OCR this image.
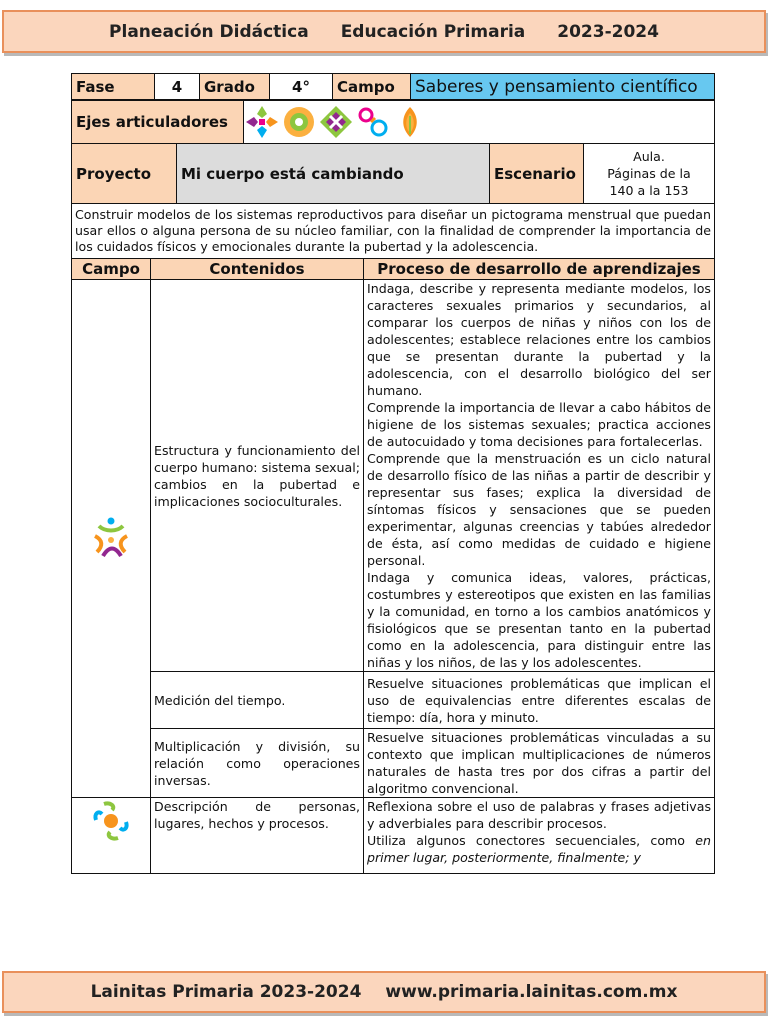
Planeación Didáctica Educación Primaria 2023-2024
Fase	4	Grado	4°	Campo	Saberes y pensamiento científico
Ejes articuladores	
Proyecto	Mi cuerpo está cambiando	Escenario	
Aula.
Páginas de la
140 a la 153
Construir modelos de los sistemas reproductivos para diseñar un pictograma menstrual que puedan usar ellos o alguna persona de su núcleo familiar, con la finalidad de comprender la importancia de los cuidados físicos y emocionales durante la pubertad y la adolescencia.
Campo	Contenidos	Proceso de desarrollo de aprendizajes

	Estructura y funcionamiento del cuerpo humano: sistema sexual; cambios en la pubertad e implicaciones socioculturales.	Indaga, describe y representa mediante modelos, los caracteres sexuales primarios y secundarios, al comparar los cuerpos de niñas y niños con los de adolescentes; establece relaciones entre los cambios que se presentan durante la pubertad y la adolescencia, con el desarrollo biológico del ser humano.
Comprende la importancia de llevar a cabo hábitos de higiene de los sistemas sexuales; practica acciones de autocuidado y toma decisiones para fortalecerlas.
Comprende que la menstruación es un ciclo natural de desarrollo físico de las niñas a partir de describir y representar sus fases; explica la diversidad de síntomas físicos y sensaciones que se pueden experimentar, algunas creencias y tabúes alrededor de ésta, así como medidas de cuidado e higiene personal.
Indaga y comunica ideas, valores, prácticas, costumbres y estereotipos que existen en las familias y la comunidad, en torno a los cambios anatómicos y fisiológicos que se presentan tanto en la pubertad como en la adolescencia, para distinguir entre las niñas y los niños, de las y los adolescentes.

	Medición del tiempo.	Resuelve situaciones problemáticas que implican el uso de equivalencias entre diferentes escalas de tiempo: día, hora y minuto.
	Multiplicación y división, su relación como operaciones inversas.	Resuelve situaciones problemáticas vinculadas a su contexto que implican multiplicaciones de números naturales de hasta tres por dos cifras a partir del algoritmo convencional.

	Descripción de personas, lugares, hechos y procesos.	Reflexiona sobre el uso de palabras y frases adjetivas y adverbiales para describir procesos.
Utiliza algunos conectores secuenciales, como en primer lugar, posteriormente, finalmente; y
Lainitas Primaria 2023-2024 www.primaria.lainitas.com.mx
